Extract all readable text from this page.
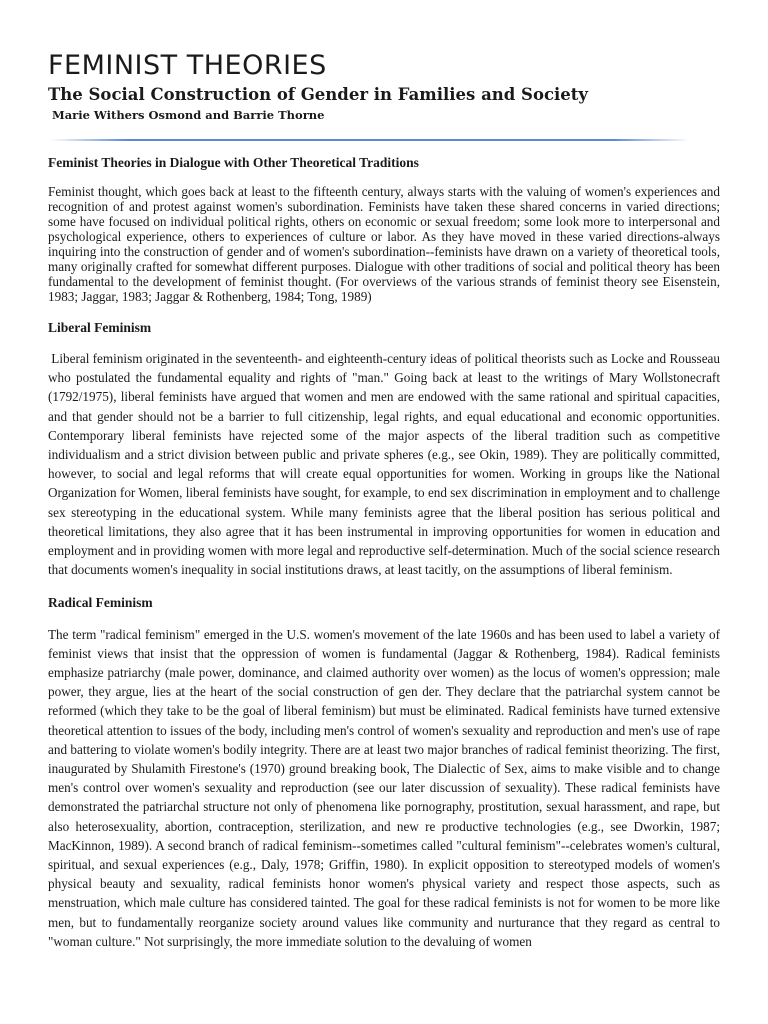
FEMINIST THEORIES
The Social Construction of Gender in Families and Society
Marie Withers Osmond and Barrie Thorne
Feminist Theories in Dialogue with Other Theoretical Traditions

Feminist thought, which goes back at least to the fifteenth century, always starts with the valuing of women's experiences and recognition of and protest against women's subordination. Feminists have taken these shared concerns in varied directions; some have focused on individual political rights, others on economic or sexual freedom; some look more to interpersonal and psychological experience, others to experiences of culture or labor. As they have moved in these varied directions-always inquiring into the construction of gender and of women's subordination--feminists have drawn on a variety of theoretical tools, many originally crafted for somewhat different purposes. Dialogue with other traditions of social and political theory has been fundamental to the development of feminist thought. (For overviews of the various strands of feminist theory see Eisenstein, 1983; Jaggar, 1983; Jaggar & Rothenberg, 1984; Tong, 1989)

Liberal Feminism

Liberal feminism originated in the seventeenth- and eighteenth-century ideas of political theorists such as Locke and Rousseau who postulated the fundamental equality and rights of "man." Going back at least to the writings of Mary Wollstonecraft (1792/1975), liberal feminists have argued that women and men are endowed with the same rational and spiritual capacities, and that gender should not be a barrier to full citizenship, legal rights, and equal educational and economic opportunities. Contemporary liberal feminists have rejected some of the major aspects of the liberal tradition such as competitive individualism and a strict division between public and private spheres (e.g., see Okin, 1989). They are politically committed, however, to social and legal reforms that will create equal opportunities for women. Working in groups like the National Organization for Women, liberal feminists have sought, for example, to end sex discrimination in employment and to challenge sex stereotyping in the educational system. While many feminists agree that the liberal position has serious political and theoretical limitations, they also agree that it has been instrumental in improving opportunities for women in education and employment and in providing women with more legal and reproductive self-determination. Much of the social science research that documents women's inequality in social institutions draws, at least tacitly, on the assumptions of liberal feminism.

Radical Feminism

The term "radical feminism" emerged in the U.S. women's movement of the late 1960s and has been used to label a variety of feminist views that insist that the oppression of women is fundamental (Jaggar & Rothenberg, 1984). Radical feminists emphasize patriarchy (male power, dominance, and claimed authority over women) as the locus of women's oppression; male power, they argue, lies at the heart of the social construction of gen der. They declare that the patriarchal system cannot be reformed (which they take to be the goal of liberal feminism) but must be eliminated. Radical feminists have turned extensive theoretical attention to issues of the body, including men's control of women's sexuality and reproduction and men's use of rape and battering to violate women's bodily integrity. There are at least two major branches of radical feminist theorizing. The first, inaugurated by Shulamith Firestone's (1970) ground breaking book, The Dialectic of Sex, aims to make visible and to change men's control over women's sexuality and reproduction (see our later discussion of sexuality). These radical feminists have demonstrated the patriarchal structure not only of phenomena like pornography, prostitution, sexual harassment, and rape, but also heterosexuality, abortion, contraception, sterilization, and new re productive technologies (e.g., see Dworkin, 1987; MacKinnon, 1989). A second branch of radical feminism--sometimes called "cultural feminism"--celebrates women's cultural, spiritual, and sexual experiences (e.g., Daly, 1978; Griffin, 1980). In explicit opposition to stereotyped models of women's physical beauty and sexuality, radical feminists honor women's physical variety and respect those aspects, such as menstruation, which male culture has considered tainted. The goal for these radical feminists is not for women to be more like men, but to fundamentally reorganize society around values like community and nurturance that they regard as central to "woman culture." Not surprisingly, the more immediate solution to the devaluing of women
